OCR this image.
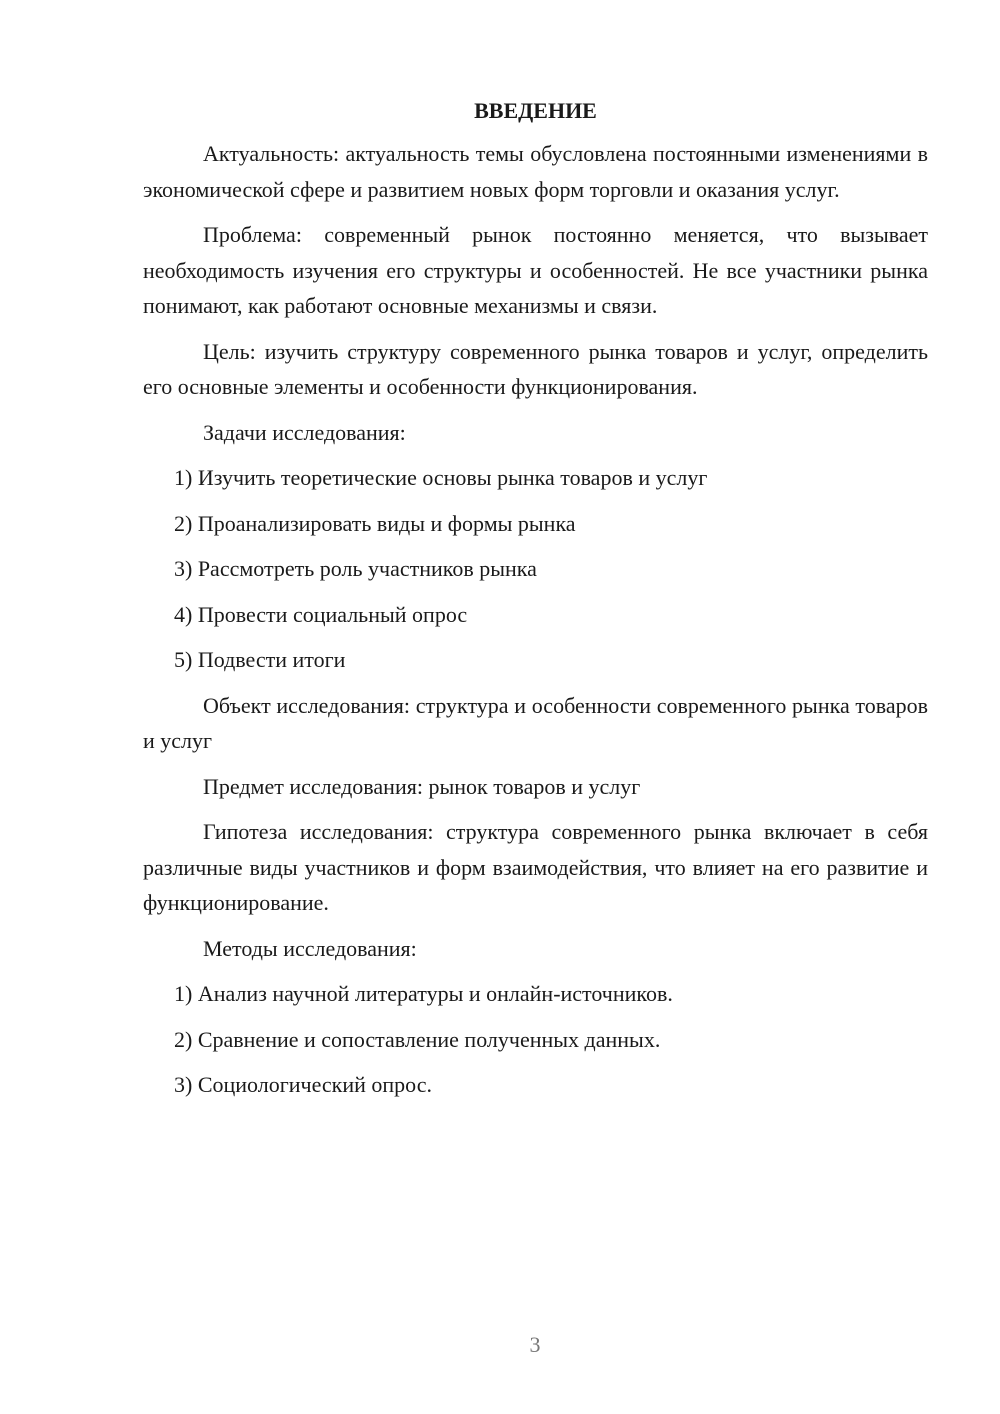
ВВЕДЕНИЕ

Актуальность: актуальность темы обусловлена постоянными изменениями в экономической сфере и развитием новых форм торговли и оказания услуг.

Проблема: современный рынок постоянно меняется, что вызывает необходимость изучения его структуры и особенностей. Не все участники рынка понимают, как работают основные механизмы и связи.

Цель: изучить структуру современного рынка товаров и услуг, определить его основные элементы и особенности функционирования.

Задачи исследования:

1) Изучить теоретические основы рынка товаров и услуг
2) Проанализировать виды и формы рынка
3) Рассмотреть роль участников рынка
4) Провести социальный опрос
5) Подвести итоги

Объект исследования: структура и особенности современного рынка товаров и услуг

Предмет исследования: рынок товаров и услуг

Гипотеза исследования: структура современного рынка включает в себя различные виды участников и форм взаимодействия, что влияет на его развитие и функционирование.

Методы исследования:

1) Анализ научной литературы и онлайн-источников.
2) Сравнение и сопоставление полученных данных.
3) Социологический опрос.
3
